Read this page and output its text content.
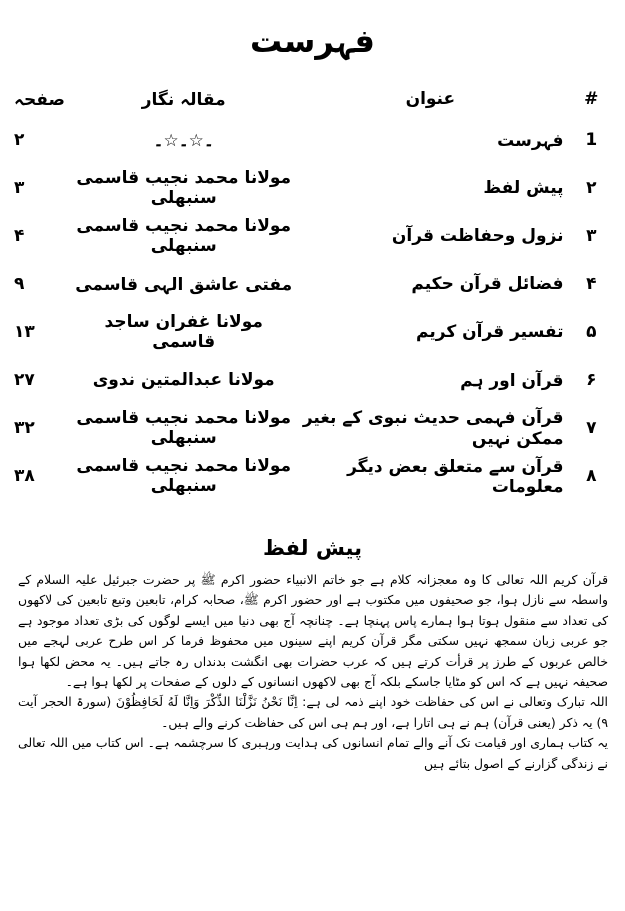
فہرست
#
عنوان
مقالہ نگار
صفحہ
1
فہرست
۔☆۔☆۔
۲
۲
پیش لفظ
مولانا محمد نجیب قاسمی سنبھلی
۳
۳
نزول وحفاظت قرآن
مولانا محمد نجیب قاسمی سنبھلی
۴
۴
فضائل قرآن حکیم
مفتی عاشق الہی قاسمی
۹
۵
تفسیر قرآن کریم
مولانا غفران ساجد قاسمی
۱۳
۶
قرآن اور ہم
مولانا عبدالمتین ندوی
۲۷
۷
قرآن فہمی حدیث نبوی کے بغیر ممکن نہیں
مولانا محمد نجیب قاسمی سنبھلی
۳۲
۸
قرآن سے متعلق بعض دیگر معلومات
مولانا محمد نجیب قاسمی سنبھلی
۳۸
پیش لفظ

قرآن کریم اللہ تعالی کا وہ معجزانہ کلام ہے جو خاتم الانبیاء حضور اکرم ﷺ پر حضرت جبرئیل علیہ السلام کے واسطہ سے نازل ہوا، جو صحیفوں میں مکتوب ہے اور حضور اکرم ﷺ، صحابہ کرام، تابعین وتبع تابعین کی لاکھوں کی تعداد سے منقول ہوتا ہوا ہمارے پاس پہنچا ہے۔ چنانچہ آج بھی دنیا میں ایسے لوگوں کی بڑی تعداد موجود ہے جو عربی زبان سمجھ نہیں سکتی مگر قرآن کریم اپنے سینوں میں محفوظ فرما کر اس طرح عربی لہجے میں خالص عربوں کے طرز پر قرأت کرتے ہیں کہ عرب حضرات بھی انگشت بدنداں رہ جاتے ہیں۔ یہ محض لکھا ہوا صحیفہ نہیں ہے کہ اس کو مٹایا جاسکے بلکہ آج بھی لاکھوں انسانوں کے دلوں کے صفحات پر لکھا ہوا ہے۔

اللہ تبارک وتعالی نے اس کی حفاظت خود اپنے ذمہ لی ہے: اِنَّا نَحْنُ نَزَّلْنَا الذِّكْرَ وَاِنَّا لَهُ لَحَافِظُوْنَ (سورۃ الحجر آیت ۹) یہ ذکر (یعنی قرآن) ہم نے ہی اتارا ہے، اور ہم ہی اس کی حفاظت کرنے والے ہیں۔

یہ کتاب ہماری اور قیامت تک آنے والے تمام انسانوں کی ہدایت ورہبری کا سرچشمہ ہے۔ اس کتاب میں اللہ تعالی نے زندگی گزارنے کے اصول بتائے ہیں
